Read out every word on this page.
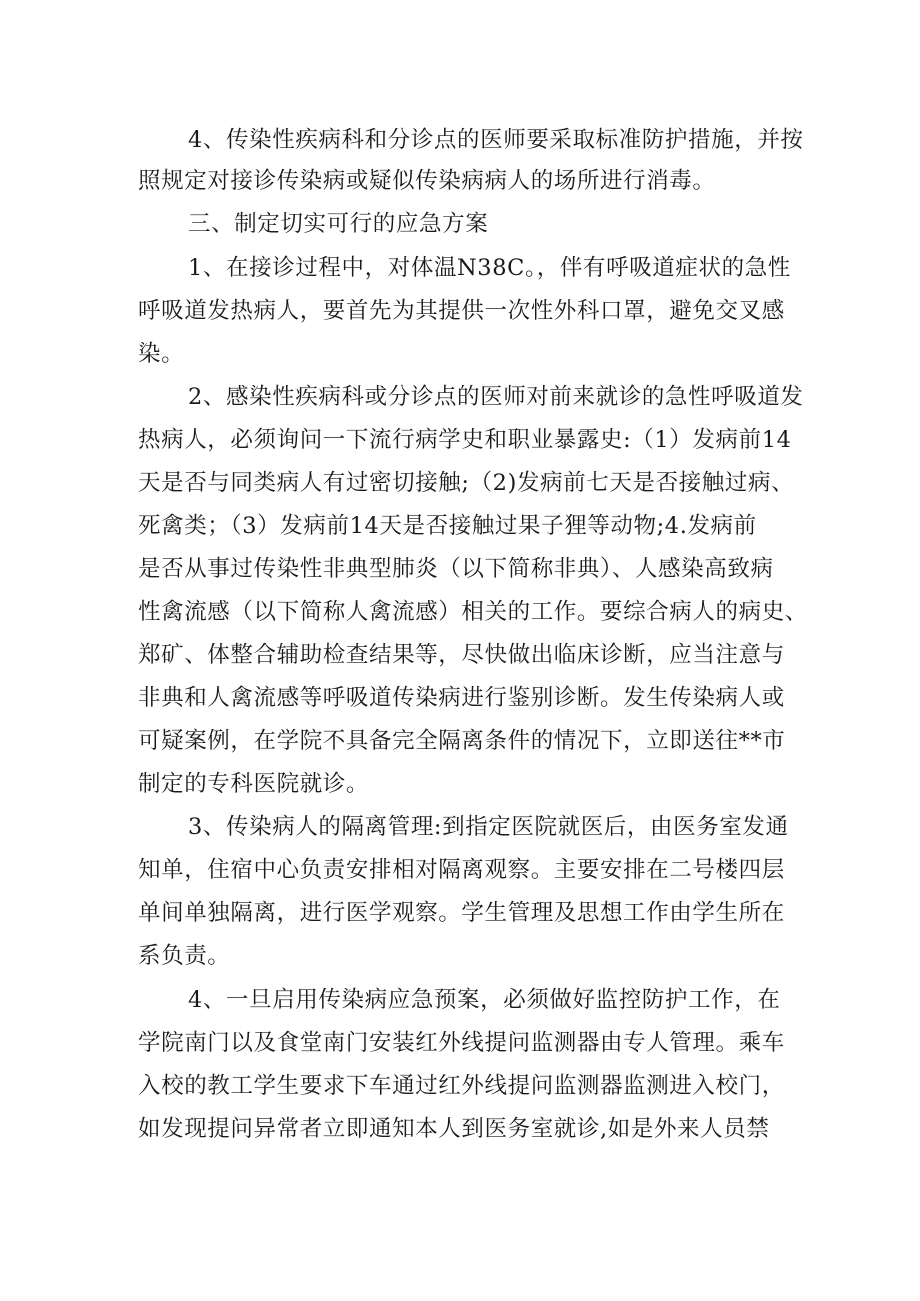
4、传染性疾病科和分诊点的医师要采取标准防护措施，并按
照规定对接诊传染病或疑似传染病病人的场所进行消毒。
三、制定切实可行的应急方案
1、在接诊过程中，对体温N38C。，伴有呼吸道症状的急性
呼吸道发热病人，要首先为其提供一次性外科口罩，避免交叉感
染。
2、感染性疾病科或分诊点的医师对前来就诊的急性呼吸道发
热病人，必须询问一下流行病学史和职业暴露史:（1）发病前14
天是否与同类病人有过密切接触;（2)发病前七天是否接触过病、
死禽类；（3）发病前14天是否接触过果子狸等动物;4.发病前
是否从事过传染性非典型肺炎（以下简称非典）、人感染高致病
性禽流感（以下简称人禽流感）相关的工作。要综合病人的病史、
郑矿、体整合辅助检查结果等，尽快做出临床诊断，应当注意与
非典和人禽流感等呼吸道传染病进行鉴别诊断。发生传染病人或
可疑案例，在学院不具备完全隔离条件的情况下，立即送往**市
制定的专科医院就诊。
3、传染病人的隔离管理:到指定医院就医后，由医务室发通
知单，住宿中心负责安排相对隔离观察。主要安排在二号楼四层
单间单独隔离，进行医学观察。学生管理及思想工作由学生所在
系负责。
4、一旦启用传染病应急预案，必须做好监控防护工作，在
学院南门以及食堂南门安装红外线提问监测器由专人管理。乘车
入校的教工学生要求下车通过红外线提问监测器监测进入校门，
如发现提问异常者立即通知本人到医务室就诊,如是外来人员禁
